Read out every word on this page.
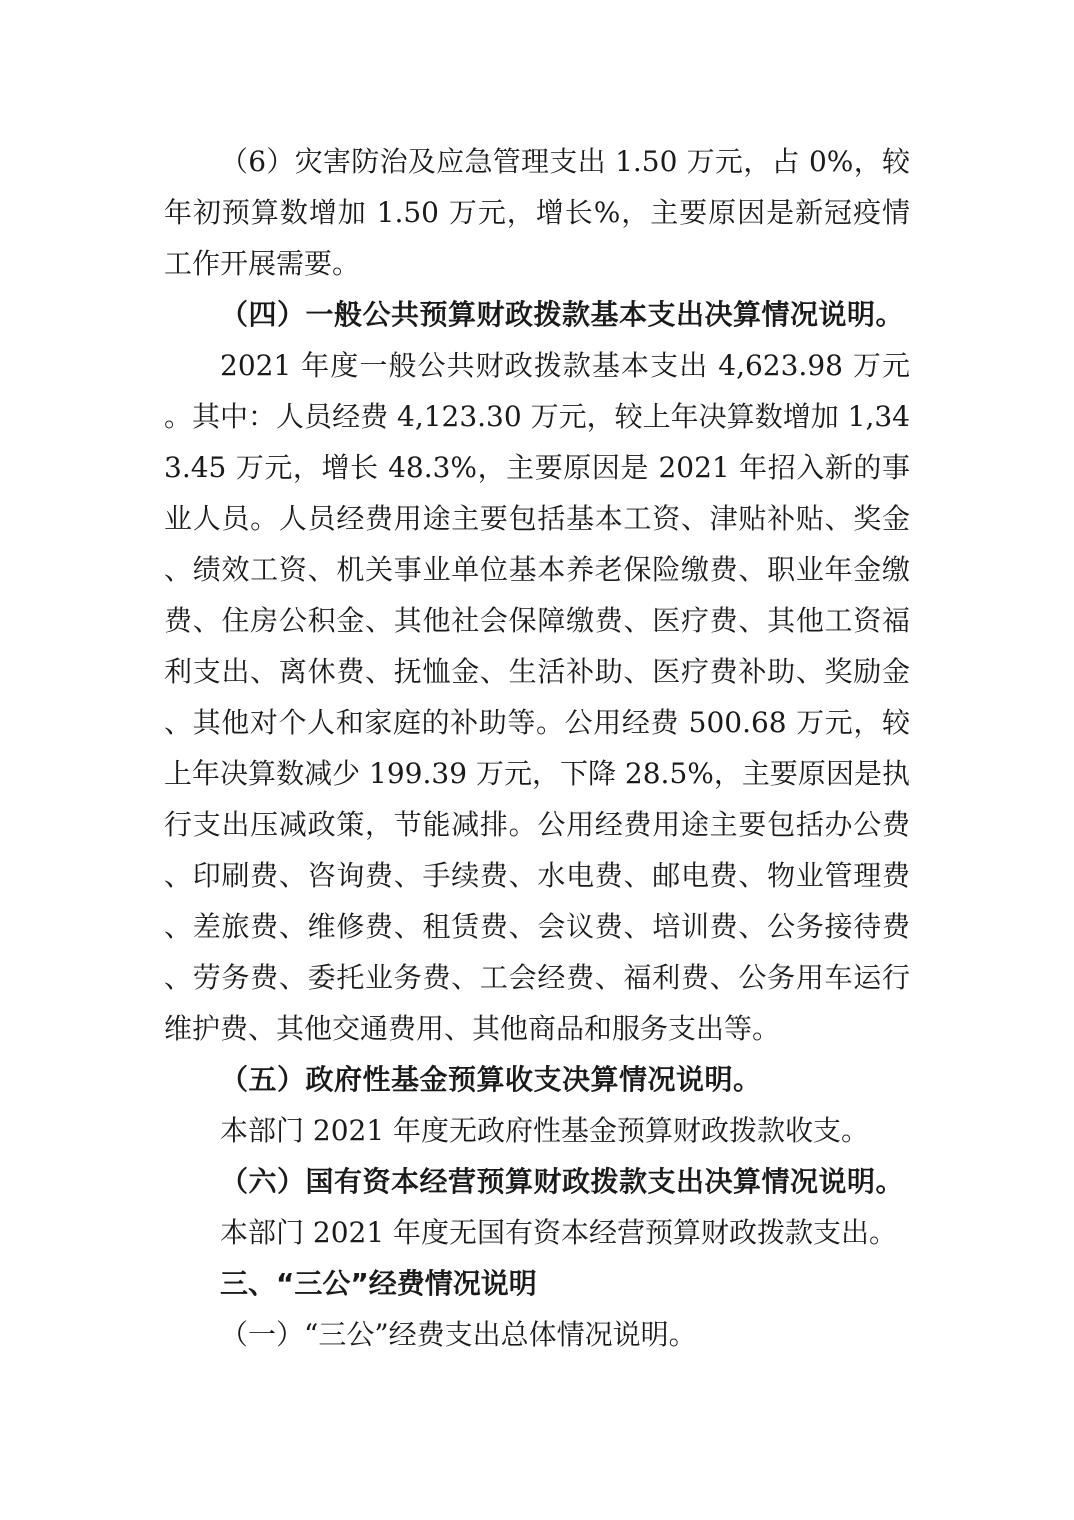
（6）灾害防治及应急管理支出 1.50 万元，占 0%，较年初预算数增加 1.50 万元，增长%，主要原因是新冠疫情工作开展需要。

（四）一般公共预算财政拨款基本支出决算情况说明。

2021 年度一般公共财政拨款基本支出 4,623.98 万元。其中：人员经费 4,123.30 万元，较上年决算数增加 1,343.45 万元，增长 48.3%，主要原因是 2021 年招入新的事业人员。人员经费用途主要包括基本工资、津贴补贴、奖金、绩效工资、机关事业单位基本养老保险缴费、职业年金缴费、住房公积金、其他社会保障缴费、医疗费、其他工资福利支出、离休费、抚恤金、生活补助、医疗费补助、奖励金、其他对个人和家庭的补助等。公用经费 500.68 万元，较上年决算数减少 199.39 万元，下降 28.5%，主要原因是执行支出压减政策，节能减排。公用经费用途主要包括办公费、印刷费、咨询费、手续费、水电费、邮电费、物业管理费、差旅费、维修费、租赁费、会议费、培训费、公务接待费、劳务费、委托业务费、工会经费、福利费、公务用车运行维护费、其他交通费用、其他商品和服务支出等。

（五）政府性基金预算收支决算情况说明。

本部门 2021 年度无政府性基金预算财政拨款收支。

（六）国有资本经营预算财政拨款支出决算情况说明。

本部门 2021 年度无国有资本经营预算财政拨款支出。

三、“三公”经费情况说明

（一）“三公”经费支出总体情况说明。
